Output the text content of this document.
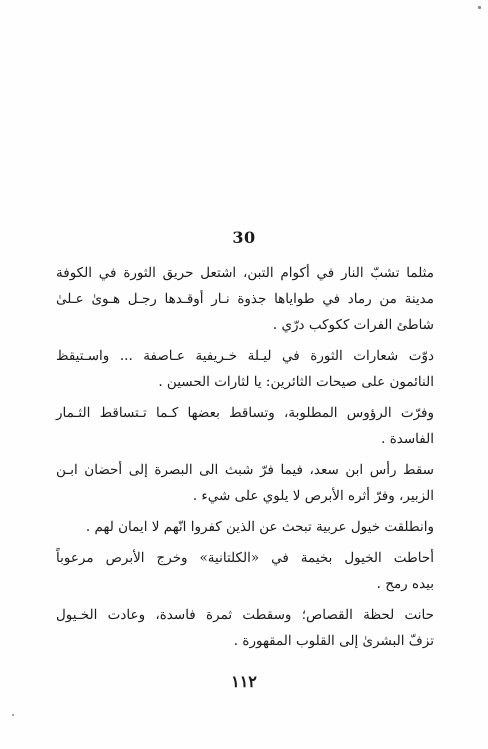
30

مثلما تشبّ النار في أكوام التبن، اشتعل حريق الثورة في الكوفة
مدينة من رماد في طواياها جذوة نـار أوقـدها رجـل هـوىٰ عـلىٰ
شاطئ الفرات ككوكب درّي .

دوّت شعارات الثورة في ليـلة خـريفية عـاصفة ... واسـتيقظ
النائمون على صيحات الثائرين: يا لثارات الحسين .

وفرّت الرؤوس المطلوبة، وتساقط بعضها كـما تـتساقط الثـمار
الفاسدة .

سقط رأس ابن سعد، فيما فرّ شبث الى البصرة إلى أحضان ابـن
الزبير، وفرّ أثره الأبرص لا يلوي على شيء .

وانطلقت خيول عربية تبحث عن الذين كفروا انّهم لا ايمان لهم .

أحاطت الخيول بخيمة في «الكلتانية» وخرج الأبرص مرعوباً
بيده رمح .

حانت لحظة القصاص؛ وسقطت ثمرة فاسدة، وعادت الخـيول
تزفّ البشرىٰ إلى القلوب المقهورة .

١١٢
